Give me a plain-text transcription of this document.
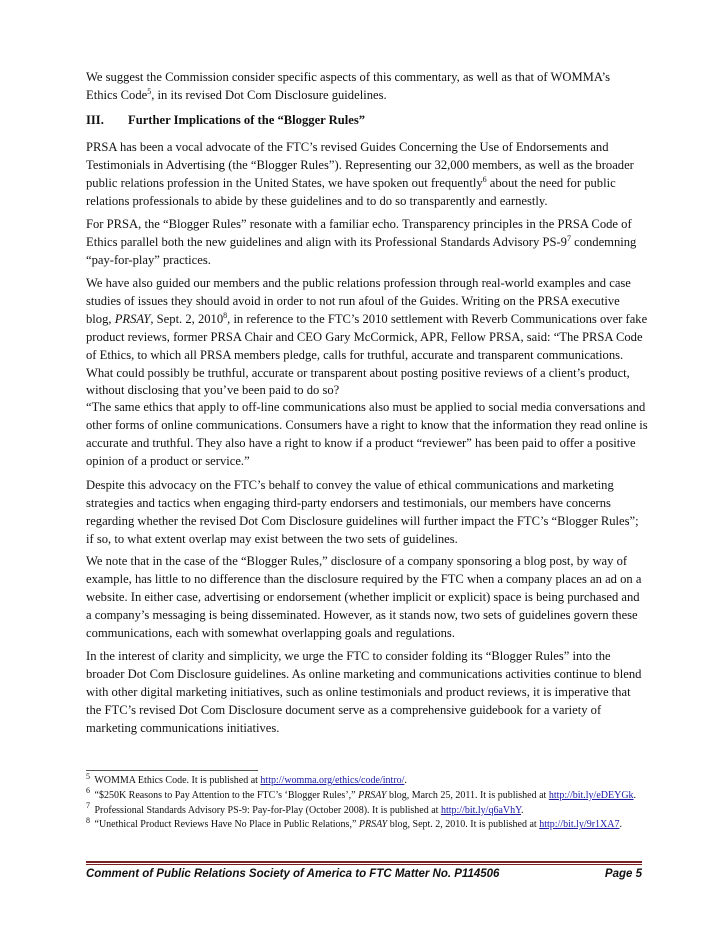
We suggest the Commission consider specific aspects of this commentary, as well as that of WOMMA’s
Ethics Code$^5$, in its revised Dot Com Disclosure guidelines.

III. Further Implications of the “Blogger Rules”

PRSA has been a vocal advocate of the FTC’s revised Guides Concerning the Use of Endorsements and Testimonials in Advertising (the “Blogger Rules”). Representing our 32,000 members, as well as the broader public relations profession in the United States, we have spoken out frequently$^6$ about the need for public relations professionals to abide by these guidelines and to do so transparently and earnestly.

For PRSA, the “Blogger Rules” resonate with a familiar echo. Transparency principles in the PRSA Code of Ethics parallel both the new guidelines and align with its Professional Standards Advisory $PS-9^7$ condemning “pay-for-play” practices.

We have also guided our members and the public relations profession through real-world examples and case studies of issues they should avoid in order to not run afoul of the Guides. Writing on the PRSA executive blog, PRSAY, Sept. 2, 2010$^8$, in reference to the FTC’s 2010 settlement with Reverb Communications over fake product reviews, former PRSA Chair and CEO Gary McCormick, APR, Fellow PRSA, said: “The PRSA Code of Ethics, to which all PRSA members pledge, calls for truthful, accurate and transparent communications. What could possibly be truthful, accurate or transparent about posting positive reviews of a client’s product, without disclosing that you’ve been paid to do so?

“The same ethics that apply to off-line communications also must be applied to social media conversations and other forms of online communications. Consumers have a right to know that the information they read online is accurate and truthful. They also have a right to know if a product “reviewer” has been paid to offer a positive opinion of a product or service.”

Despite this advocacy on the FTC’s behalf to convey the value of ethical communications and marketing strategies and tactics when engaging third-party endorsers and testimonials, our members have concerns regarding whether the revised Dot Com Disclosure guidelines will further impact the FTC’s “Blogger Rules”; if so, to what extent overlap may exist between the two sets of guidelines.

We note that in the case of the “Blogger Rules,” disclosure of a company sponsoring a blog post, by way of example, has little to no difference than the disclosure required by the FTC when a company places an ad on a website. In either case, advertising or endorsement (whether implicit or explicit) space is being purchased and a company’s messaging is being disseminated. However, as it stands now, two sets of guidelines govern these communications, each with somewhat overlapping goals and regulations.

In the interest of clarity and simplicity, we urge the FTC to consider folding its “Blogger Rules” into the broader Dot Com Disclosure guidelines. As online marketing and communications activities continue to blend with other digital marketing initiatives, such as online testimonials and product reviews, it is imperative that the FTC’s revised Dot Com Disclosure document serve as a comprehensive guidebook for a variety of marketing communications initiatives.

$^5$ WOMMA Ethics Code. It is published at http://womma.org/ethics/code/intro/.

$^6$ “$250K Reasons to Pay Attention to the FTC’s ‘Blogger Rules’,” PRSAY blog, March 25, 2011. It is published at http://bit.ly/eDEYGk.

$^7$ Professional Standards Advisory PS-9: Pay-for-Play (October 2008). It is published at http://bit.ly/q6aVhY.

$^8$ “Unethical Product Reviews Have No Place in Public Relations,” PRSAY blog, Sept. 2, 2010. It is published at http://bit.ly/9r1XA7.

Comment of Public Relations Society of America to FTC Matter No. P114506	Page 5
